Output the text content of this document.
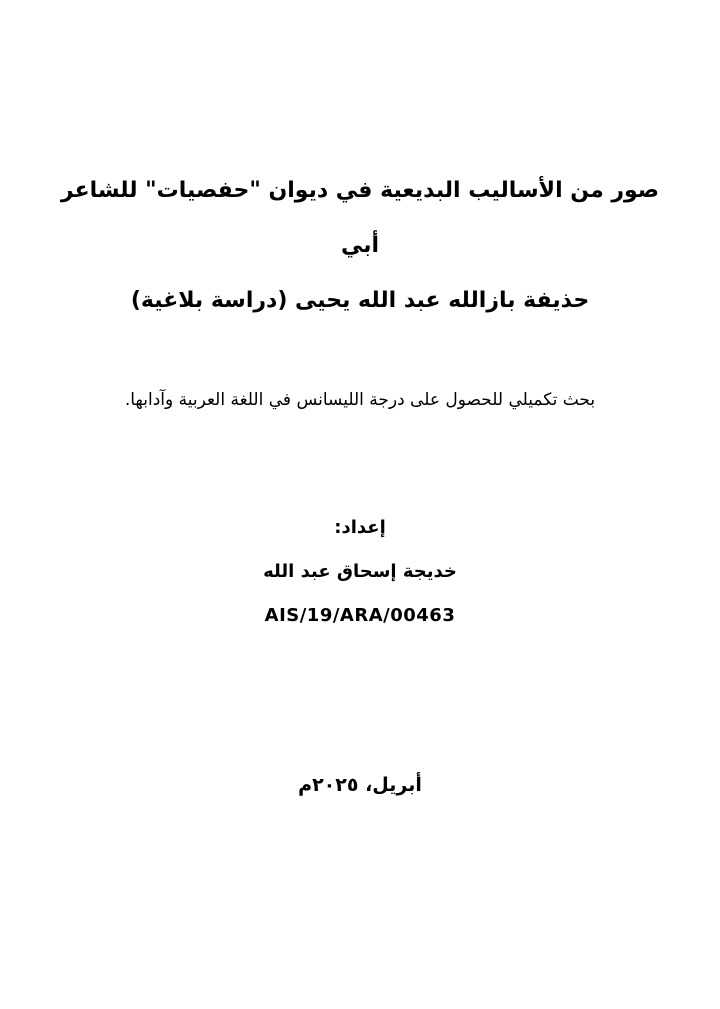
صور من الأساليب البديعية في ديوان "حفصيات" للشاعر أبي
حذيفة بازالله عبد الله يحيى (دراسة بلاغية)
بحث تكميلي للحصول على درجة الليسانس في اللغة العربية وآدابها.
إعداد:
خديجة إسحاق عبد الله
AIS/19/ARA/00463
أبريل، ٢٠٢٥م
